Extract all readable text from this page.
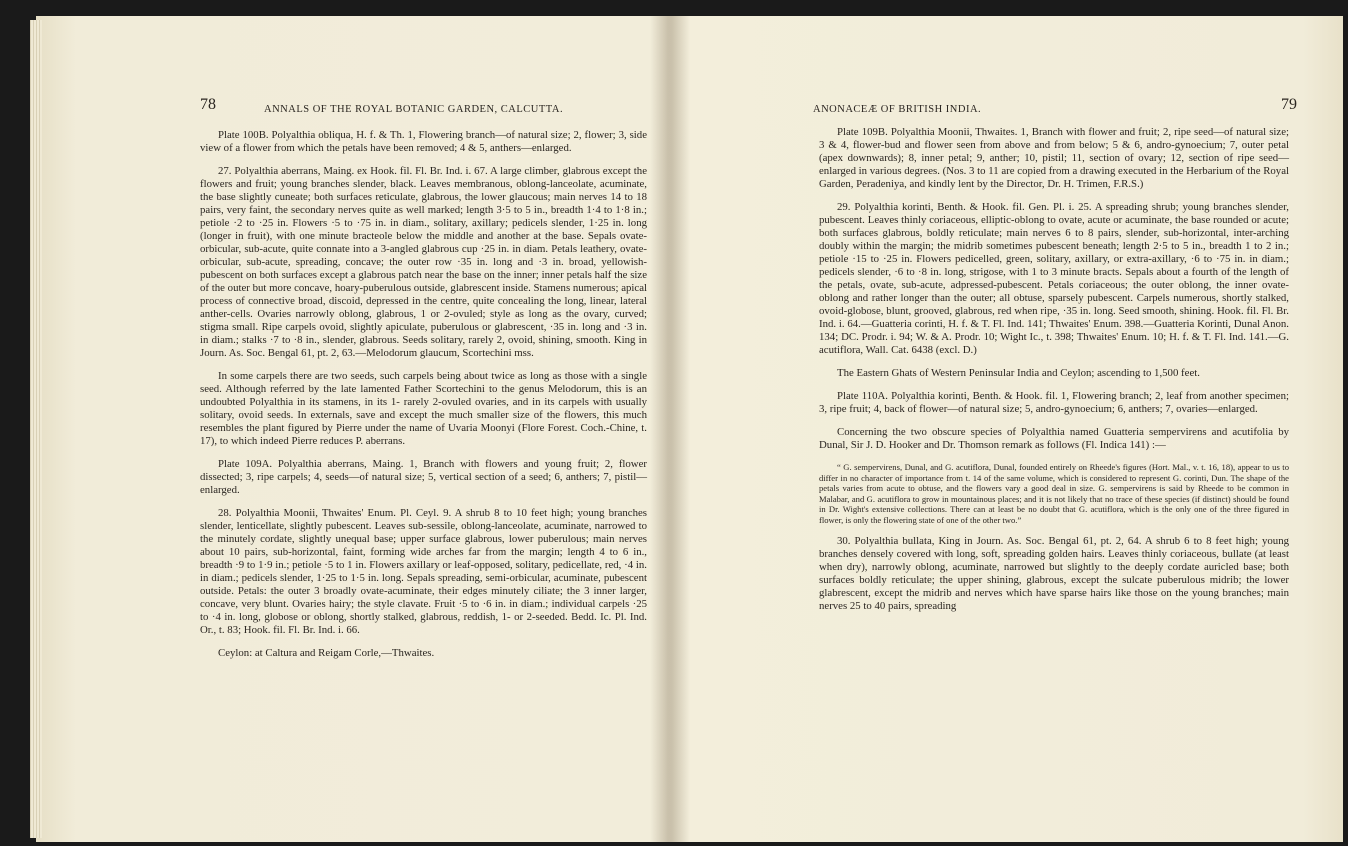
78	ANNALS OF THE ROYAL BOTANIC GARDEN, CALCUTTA.

Plate 100B. Polyalthia obliqua, H. f. & Th. 1, Flowering branch—of natural size; 2, flower; 3, side view of a flower from which the petals have been removed; 4 & 5, anthers—enlarged.

27. Polyalthia aberrans, Maing. ex Hook. fil. Fl. Br. Ind. i. 67. A large climber, glabrous except the flowers and fruit; young branches slender, black. Leaves membranous, oblong-lanceolate, acuminate, the base slightly cuneate; both surfaces reticulate, glabrous, the lower glaucous; main nerves 14 to 18 pairs, very faint, the secondary nerves quite as well marked; length 3·5 to 5 in., breadth 1·4 to 1·8 in.; petiole ·2 to ·25 in. Flowers ·5 to ·75 in. in diam., solitary, axillary; pedicels slender, 1·25 in. long (longer in fruit), with one minute bracteole below the middle and another at the base. Sepals ovate-orbicular, sub-acute, quite connate into a 3-angled glabrous cup ·25 in. in diam. Petals leathery, ovate-orbicular, sub-acute, spreading, concave; the outer row ·35 in. long and ·3 in. broad, yellowish-pubescent on both surfaces except a glabrous patch near the base on the inner; inner petals half the size of the outer but more concave, hoary-puberulous outside, glabrescent inside. Stamens numerous; apical process of connective broad, discoid, depressed in the centre, quite concealing the long, linear, lateral anther-cells. Ovaries narrowly oblong, glabrous, 1 or 2-ovuled; style as long as the ovary, curved; stigma small. Ripe carpels ovoid, slightly apiculate, puberulous or glabrescent, ·35 in. long and ·3 in. in diam.; stalks ·7 to ·8 in., slender, glabrous. Seeds solitary, rarely 2, ovoid, shining, smooth. King in Journ. As. Soc. Bengal 61, pt. 2, 63.—Melodorum glaucum, Scortechini mss.

In some carpels there are two seeds, such carpels being about twice as long as those with a single seed. Although referred by the late lamented Father Scortechini to the genus Melodorum, this is an undoubted Polyalthia in its stamens, in its 1- rarely 2-ovuled ovaries, and in its carpels with usually solitary, ovoid seeds. In externals, save and except the much smaller size of the flowers, this much resembles the plant figured by Pierre under the name of Uvaria Moonyi (Flore Forest. Coch.-Chine, t. 17), to which indeed Pierre reduces P. aberrans.

Plate 109A. Polyalthia aberrans, Maing. 1, Branch with flowers and young fruit; 2, flower dissected; 3, ripe carpels; 4, seeds—of natural size; 5, vertical section of a seed; 6, anthers; 7, pistil—enlarged.

28. Polyalthia Moonii, Thwaites' Enum. Pl. Ceyl. 9. A shrub 8 to 10 feet high; young branches slender, lenticellate, slightly pubescent. Leaves sub-sessile, oblong-lanceolate, acuminate, narrowed to the minutely cordate, slightly unequal base; upper surface glabrous, lower puberulous; main nerves about 10 pairs, sub-horizontal, faint, forming wide arches far from the margin; length 4 to 6 in., breadth ·9 to 1·9 in.; petiole ·5 to 1 in. Flowers axillary or leaf-opposed, solitary, pedicellate, red, ·4 in. in diam.; pedicels slender, 1·25 to 1·5 in. long. Sepals spreading, semi-orbicular, acuminate, pubescent outside. Petals: the outer 3 broadly ovate-acuminate, their edges minutely ciliate; the 3 inner larger, concave, very blunt. Ovaries hairy; the style clavate. Fruit ·5 to ·6 in. in diam.; individual carpels ·25 to ·4 in. long, globose or oblong, shortly stalked, glabrous, reddish, 1- or 2-seeded. Bedd. Ic. Pl. Ind. Or., t. 83; Hook. fil. Fl. Br. Ind. i. 66.

Ceylon: at Caltura and Reigam Corle,—Thwaites.

ANONACEÆ OF BRITISH INDIA.	79

Plate 109B. Polyalthia Moonii, Thwaites. 1, Branch with flower and fruit; 2, ripe seed—of natural size; 3 & 4, flower-bud and flower seen from above and from below; 5 & 6, andro-gynoecium; 7, outer petal (apex downwards); 8, inner petal; 9, anther; 10, pistil; 11, section of ovary; 12, section of ripe seed—enlarged in various degrees. (Nos. 3 to 11 are copied from a drawing executed in the Herbarium of the Royal Garden, Peradeniya, and kindly lent by the Director, Dr. H. Trimen, F.R.S.)

29. Polyalthia korinti, Benth. & Hook. fil. Gen. Pl. i. 25. A spreading shrub; young branches slender, pubescent. Leaves thinly coriaceous, elliptic-oblong to ovate, acute or acuminate, the base rounded or acute; both surfaces glabrous, boldly reticulate; main nerves 6 to 8 pairs, slender, sub-horizontal, inter-arching doubly within the margin; the midrib sometimes pubescent beneath; length 2·5 to 5 in., breadth 1 to 2 in.; petiole ·15 to ·25 in. Flowers pedicelled, green, solitary, axillary, or extra-axillary, ·6 to ·75 in. in diam.; pedicels slender, ·6 to ·8 in. long, strigose, with 1 to 3 minute bracts. Sepals about a fourth of the length of the petals, ovate, sub-acute, adpressed-pubescent. Petals coriaceous; the outer oblong, the inner ovate-oblong and rather longer than the outer; all obtuse, sparsely pubescent. Carpels numerous, shortly stalked, ovoid-globose, blunt, grooved, glabrous, red when ripe, ·35 in. long. Seed smooth, shining. Hook. fil. Fl. Br. Ind. i. 64.—Guatteria corinti, H. f. & T. Fl. Ind. 141; Thwaites' Enum. 398.—Guatteria Korinti, Dunal Anon. 134; DC. Prodr. i. 94; W. & A. Prodr. 10; Wight Ic., t. 398; Thwaites' Enum. 10; H. f. & T. Fl. Ind. 141.—G. acutiflora, Wall. Cat. 6438 (excl. D.)

The Eastern Ghats of Western Peninsular India and Ceylon; ascending to 1,500 feet.

Plate 110A. Polyalthia korinti, Benth. & Hook. fil. 1, Flowering branch; 2, leaf from another specimen; 3, ripe fruit; 4, back of flower—of natural size; 5, andro-gynoecium; 6, anthers; 7, ovaries—enlarged.

Concerning the two obscure species of Polyalthia named Guatteria sempervirens and acutifolia by Dunal, Sir J. D. Hooker and Dr. Thomson remark as follows (Fl. Indica 141) :—

“ G. sempervirens, Dunal, and G. acutiflora, Dunal, founded entirely on Rheede's figures (Hort. Mal., v. t. 16, 18), appear to us to differ in no character of importance from t. 14 of the same volume, which is considered to represent G. corinti, Dun. The shape of the petals varies from acute to obtuse, and the flowers vary a good deal in size. G. sempervirens is said by Rheede to be common in Malabar, and G. acutiflora to grow in mountainous places; and it is not likely that no trace of these species (if distinct) should be found in Dr. Wight's extensive collections. There can at least be no doubt that G. acutiflora, which is the only one of the three figured in flower, is only the flowering state of one of the other two.”

30. Polyalthia bullata, King in Journ. As. Soc. Bengal 61, pt. 2, 64. A shrub 6 to 8 feet high; young branches densely covered with long, soft, spreading golden hairs. Leaves thinly coriaceous, bullate (at least when dry), narrowly oblong, acuminate, narrowed but slightly to the deeply cordate auricled base; both surfaces boldly reticulate; the upper shining, glabrous, except the sulcate puberulous midrib; the lower glabrescent, except the midrib and nerves which have sparse hairs like those on the young branches; main nerves 25 to 40 pairs, spreading
